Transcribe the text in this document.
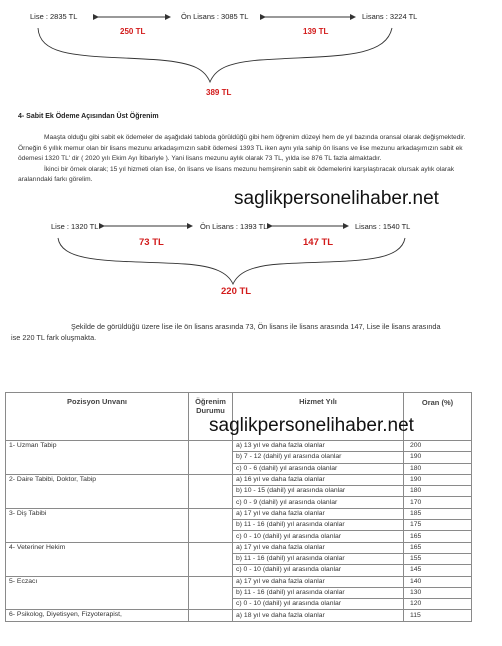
Lise : 2835 TL	Ön Lisans : 3085 TL	Lisans : 3224 TL
250 TL	139 TL
389 TL
4- Sabit Ek Ödeme Açısından Üst Öğrenim

Maaşta olduğu gibi sabit ek ödemeler de aşağıdaki tabloda görüldüğü gibi hem öğrenim düzeyi hem de yıl bazında oransal olarak değişmektedir. Örneğin 6 yıllık memur olan bir lisans mezunu arkadaşımızın sabit ödemesi 1393 TL iken aynı yıla sahip ön lisans ve lise mezunu arkadaşımızın sabit ek ödemesi 1320 TL' dir ( 2020 yılı Ekim Ayı İtibariyle ). Yani lisans mezunu aylık olarak 73 TL, yılda ise 876 TL fazla almaktadır.

İkinci bir örnek olarak; 15 yıl hizmeti olan lise, ön lisans ve lisans mezunu hemşirenin sabit ek ödemelerini karşılaştıracak olursak aylık olarak aralarındaki farkı görelim.

saglikpersonelihaber.net
Lise : 1320 TL	Ön Lisans : 1393 TL	Lisans : 1540 TL
73 TL	147 TL
220 TL
Şekilde de görüldüğü üzere lise ile ön lisans arasında 73, Ön lisans ile lisans arasında 147, Lise ile lisans arasında
ise 220 TL fark oluşmakta.
Pozisyon Unvanı	Öğrenim Durumu	Hizmet Yılı	Oran (%)
1- Uzman Tabip		a) 13 yıl ve daha fazla olanlar	200
		b) 7 - 12 (dahil) yıl arasında olanlar	190
		c) 0 - 6 (dahil) yıl arasında olanlar	180
2- Daire Tabibi, Doktor, Tabip		a) 16 yıl ve daha fazla olanlar	190
		b) 10 - 15 (dahil) yıl arasında olanlar	180
		c) 0 - 9 (dahil) yıl arasında olanlar	170
3- Diş Tabibi		a) 17 yıl ve daha fazla olanlar	185
		b) 11 - 16 (dahil) yıl arasında olanlar	175
		c) 0 - 10 (dahil) yıl arasında olanlar	165
4- Veteriner Hekim		a) 17 yıl ve daha fazla olanlar	165
		b) 11 - 16 (dahil) yıl arasında olanlar	155
		c) 0 - 10 (dahil) yıl arasında olanlar	145
5- Eczacı		a) 17 yıl ve daha fazla olanlar	140
		b) 11 - 16 (dahil) yıl arasında olanlar	130
		c) 0 - 10 (dahil) yıl arasında olanlar	120
6- Psikolog, Diyetisyen, Fizyoterapist,		a) 18 yıl ve daha fazla olanlar	115
saglikpersonelihaber.net
